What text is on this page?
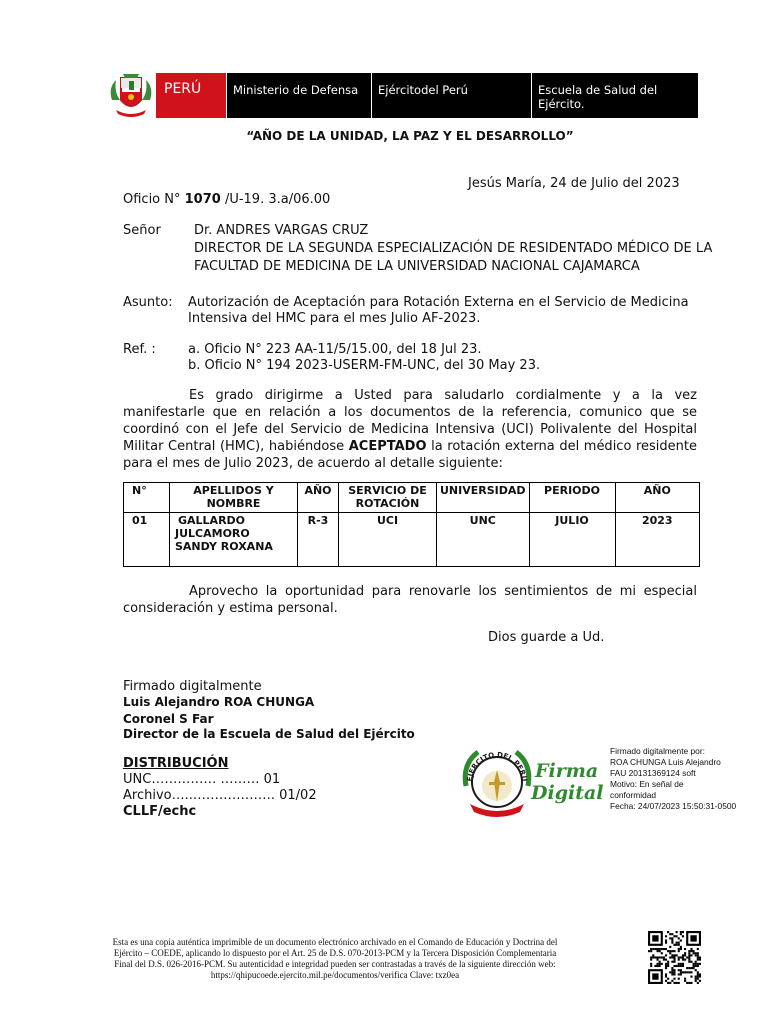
PERÚ	Ministerio de Defensa	Ejércitodel Perú	Escuela de Salud del
Ejército.
“AÑO DE LA UNIDAD, LA PAZ Y EL DESARROLLO”
Jesús María, 24 de Julio del 2023
Oficio N° 1070 /U-19. 3.a/06.00
Señor	Dr. ANDRES VARGAS CRUZ
DIRECTOR DE LA SEGUNDA ESPECIALIZACIÓN DE RESIDENTADO MÉDICO DE LA
FACULTAD DE MEDICINA DE LA UNIVERSIDAD NACIONAL CAJAMARCA
Asunto: Autorización de Aceptación para Rotación Externa en el Servicio de Medicina
Intensiva del HMC para el mes Julio AF-2023.
Ref. : a. Oficio N° 223 AA-11/5/15.00, del 18 Jul 23.
b. Oficio N° 194 2023-USERM-FM-UNC, del 30 May 23.
Es grado dirigirme a Usted para saludarlo cordialmente y a la vez manifestarle que en relación a los documentos de la referencia, comunico que se coordinó con el Jefe del Servicio de Medicina Intensiva (UCI) Polivalente del Hospital Militar Central (HMC), habiéndose ACEPTADO la rotación externa del médico residente para el mes de Julio 2023, de acuerdo al detalle siguiente:
N°	APELLIDOS Y NOMBRE	AÑO	SERVICIO DE ROTACIÓN	UNIVERSIDAD	PERIODO	AÑO
01	GALLARDO
JULCAMORO
SANDY ROXANA	R-3	UCI	UNC	JULIO	2023
Aprovecho la oportunidad para renovarle los sentimientos de mi especial consideración y estima personal.
Dios guarde a Ud.
Firmado digitalmente
Luis Alejandro ROA CHUNGA
Coronel S Far
Director de la Escuela de Salud del Ejército
DISTRIBUCIÓN
UNC…………… ……… 01
Archivo…..………………. 01/02
CLLF/echc
EJERCITO DEL PERU Firma
Digital
Firmado digitalmente por:
ROA CHUNGA Luis Alejandro
FAU 20131369124 soft
Motivo: En señal de
conformidad
Fecha: 24/07/2023 15:50:31-0500
Esta es una copia auténtica imprimible de un documento electrónico archivado en el Comando de Educación y Doctrina del
Ejército – COEDE, aplicando lo dispuesto por el Art. 25 de D.S. 070-2013-PCM y la Tercera Disposición Complementaria
Final del D.S. 026-2016-PCM. Su autenticidad e integridad pueden ser contrastadas a través de la siguiente dirección web:
https://qhipucoede.ejercito.mil.pe/documentos/verifica Clave: txz0ea
